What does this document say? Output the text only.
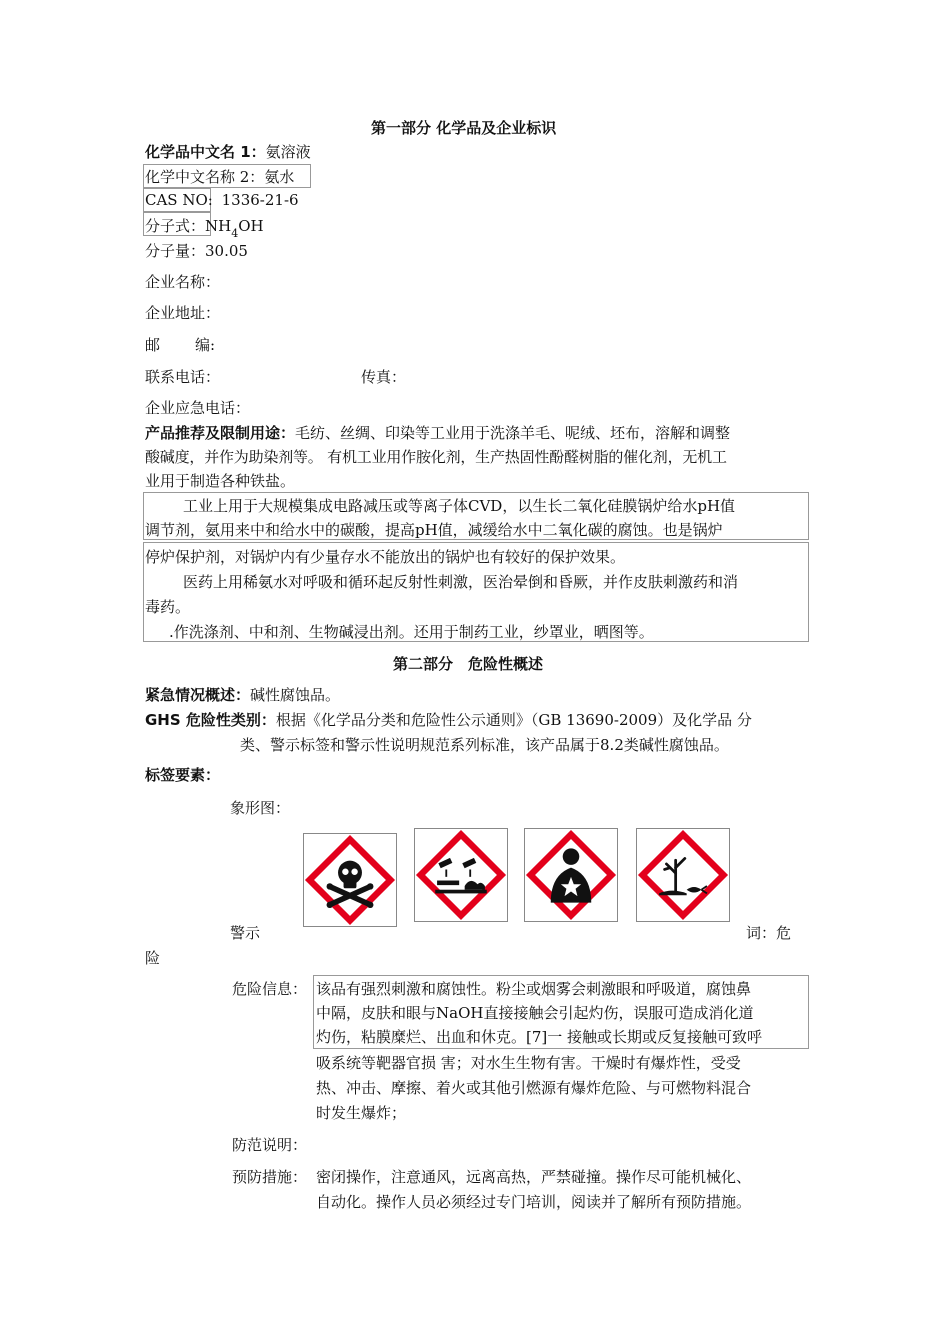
第一部分 化学品及企业标识
化学品中文名 1：氨溶液
化学中文名称 2：氨水
CAS NO: 1336-21-6
分子式：$NH_4OH$
分子量：30.05
企业名称：
企业地址：
邮 编:
联系电话：	传真：
企业应急电话：
产品推荐及限制用途：毛纺、丝绸、印染等工业用于洗涤羊毛、呢绒、坯布，溶解和调整
酸碱度，并作为助染剂等。 有机工业用作胺化剂，生产热固性酚醛树脂的催化剂，无机工
业用于制造各种铁盐。
工业上用于大规模集成电路减压或等离子体CVD，以生长二氧化硅膜锅炉给水pH值
调节剂，氨用来中和给水中的碳酸，提高pH值，减缓给水中二氧化碳的腐蚀。也是锅炉
停炉保护剂，对锅炉内有少量存水不能放出的锅炉也有较好的保护效果。
医药上用稀氨水对呼吸和循环起反射性刺激，医治晕倒和昏厥，并作皮肤刺激药和消
毒药。
.作洗涤剂、中和剂、生物碱浸出剂。还用于制药工业，纱罩业，晒图等。
第二部分　危险性概述
紧急情况概述：碱性腐蚀品。
GHS 危险性类别：根据《化学品分类和危险性公示通则》（GB 13690-2009）及化学品 分
类、警示标签和警示性说明规范系列标准，该产品属于8.2类碱性腐蚀品。
标签要素：
象形图：
警示	词：危
险
危险信息： 该品有强烈刺激和腐蚀性。粉尘或烟雾会刺激眼和呼吸道，腐蚀鼻
中隔，皮肤和眼与NaOH直接接触会引起灼伤，误服可造成消化道
灼伤，粘膜糜烂、出血和休克。[7]一 接触或长期或反复接触可致呼
吸系统等靶器官损 害；对水生生物有害。干燥时有爆炸性，受受
热、冲击、摩擦、着火或其他引燃源有爆炸危险、与可燃物料混合
时发生爆炸；
防范说明：
预防措施： 密闭操作，注意通风，远离高热，严禁碰撞。操作尽可能机械化、
自动化。操作人员必须经过专门培训，阅读并了解所有预防措施。
